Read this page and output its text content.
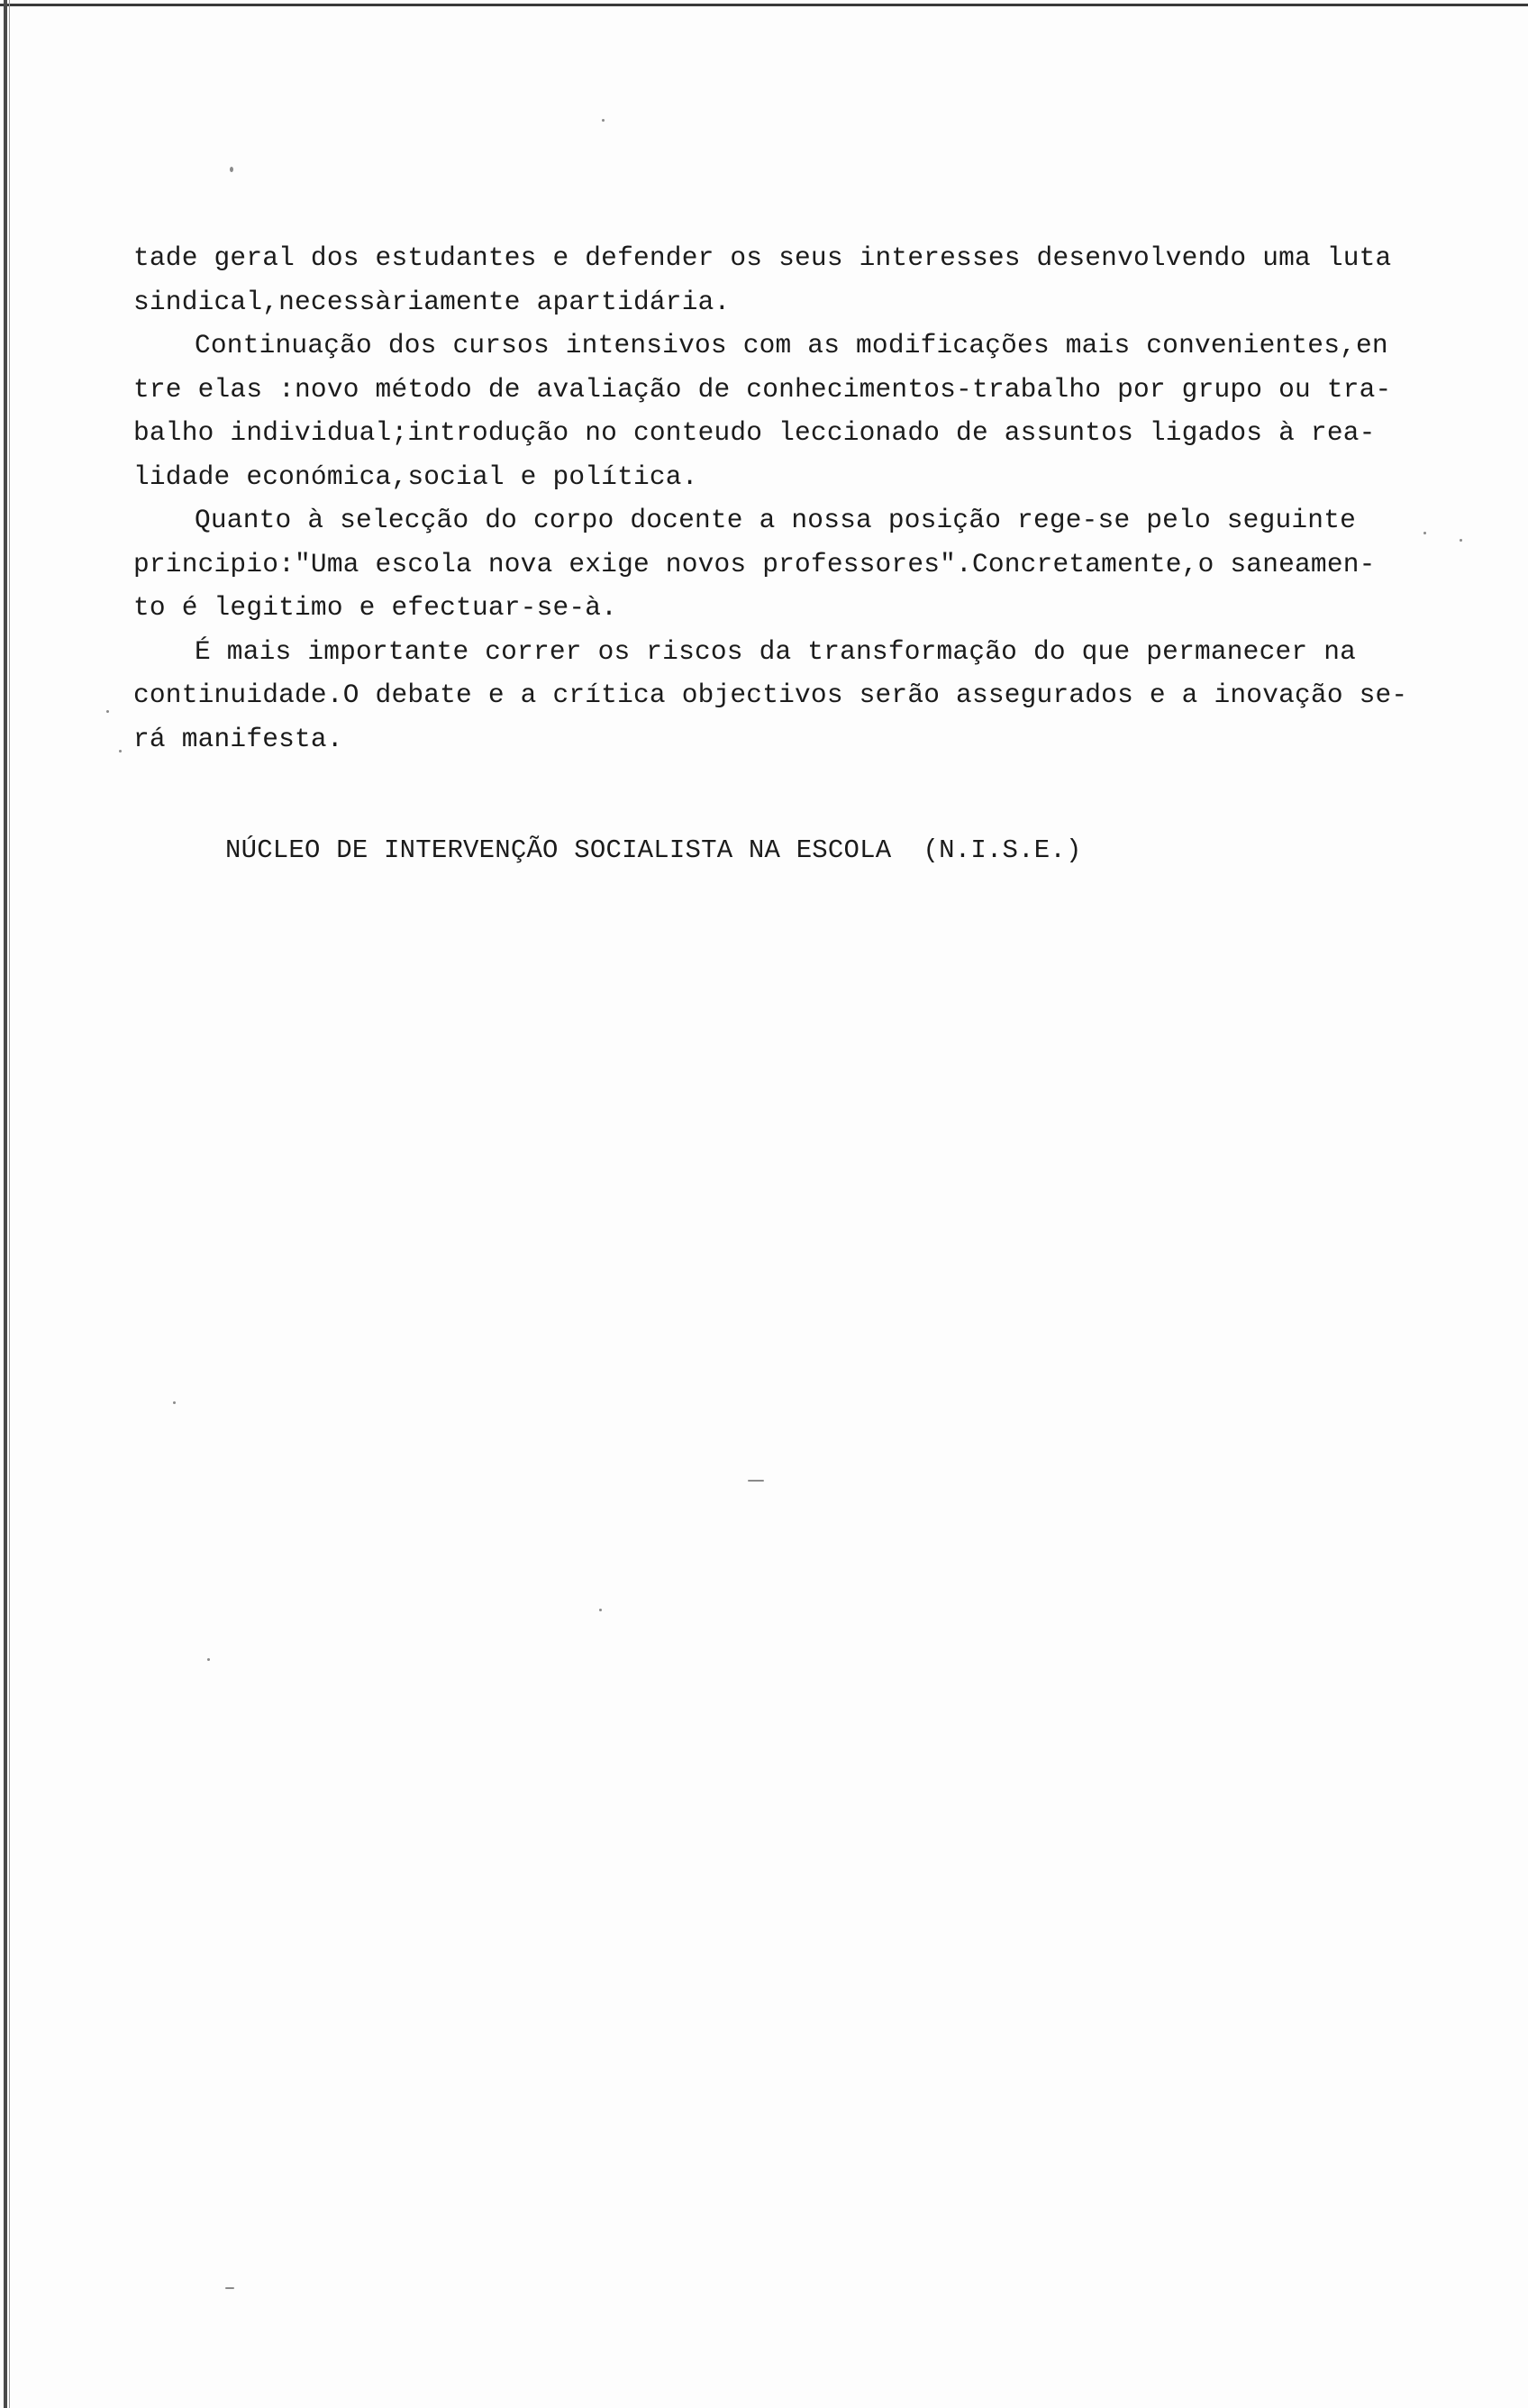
tade geral dos estudantes e defender os seus interesses desenvolvendo uma luta
sindical,necessàriamente apartidária.
Continuação dos cursos intensivos com as modificações mais convenientes,en
tre elas :novo método de avaliação de conhecimentos-trabalho por grupo ou tra-
balho individual;introdução no conteudo leccionado de assuntos ligados à rea-
lidade económica,social e política.
Quanto à selecção do corpo docente a nossa posição rege-se pelo seguinte
principio:"Uma escola nova exige novos professores".Concretamente,o saneamen-
to é legitimo e efectuar-se-à.
É mais importante correr os riscos da transformação do que permanecer na
continuidade.O debate e a crítica objectivos serão assegurados e a inovação se-
rá manifesta.
NÚCLEO DE INTERVENÇÃO SOCIALISTA NA ESCOLA  (N.I.S.E.)
